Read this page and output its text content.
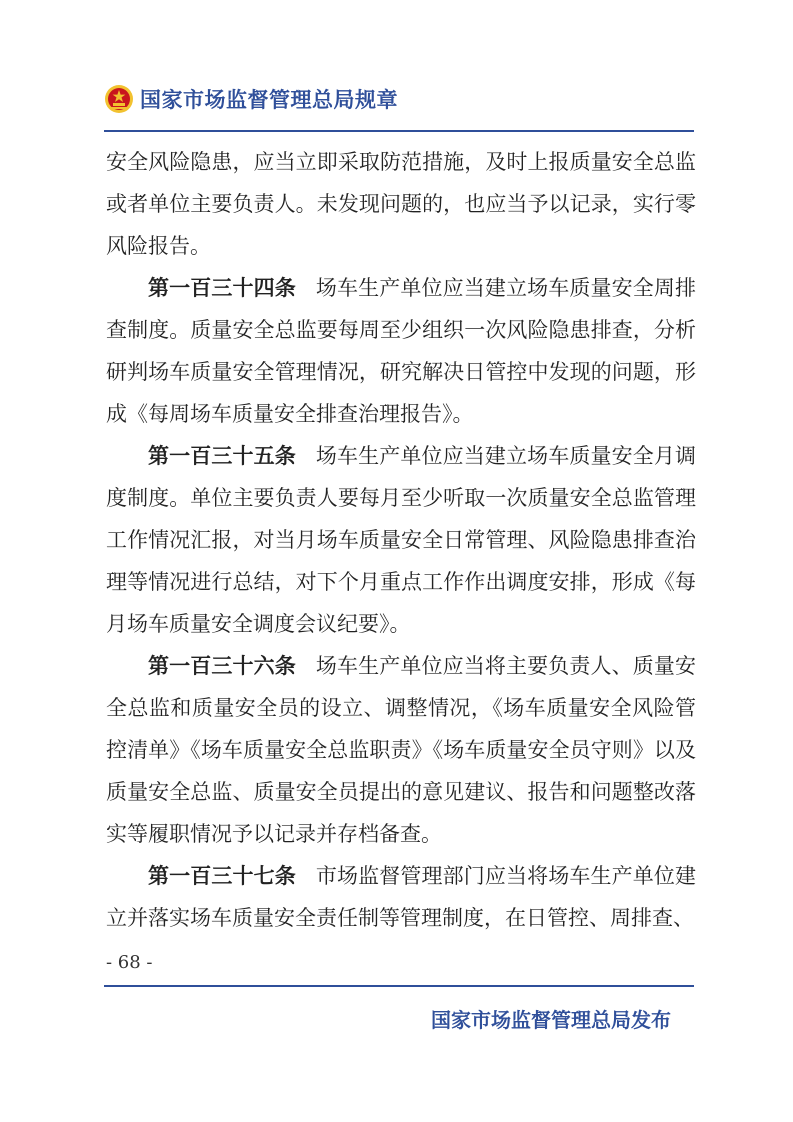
国家市场监督管理总局规章

安全风险隐患，应当立即采取防范措施，及时上报质量安全总监或者单位主要负责人。未发现问题的，也应当予以记录，实行零风险报告。

第一百三十四条 场车生产单位应当建立场车质量安全周排查制度。质量安全总监要每周至少组织一次风险隐患排查，分析研判场车质量安全管理情况，研究解决日管控中发现的问题，形成《每周场车质量安全排查治理报告》。

第一百三十五条 场车生产单位应当建立场车质量安全月调度制度。单位主要负责人要每月至少听取一次质量安全总监管理工作情况汇报，对当月场车质量安全日常管理、风险隐患排查治理等情况进行总结，对下个月重点工作作出调度安排，形成《每月场车质量安全调度会议纪要》。

第一百三十六条 场车生产单位应当将主要负责人、质量安全总监和质量安全员的设立、调整情况，《场车质量安全风险管控清单》《场车质量安全总监职责》《场车质量安全员守则》以及质量安全总监、质量安全员提出的意见建议、报告和问题整改落实等履职情况予以记录并存档备查。

第一百三十七条 市场监督管理部门应当将场车生产单位建立并落实场车质量安全责任制等管理制度，在日管控、周排查、

- 68 -
国家市场监督管理总局发布
